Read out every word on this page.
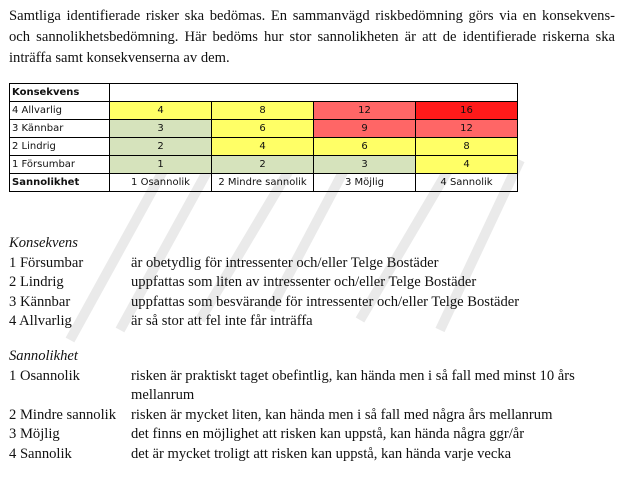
Samtliga identifierade risker ska bedömas. En sammanvägd riskbedömning görs via en konsekvens- och sannolikhetsbedömning. Här bedöms hur stor sannolikheten är att de identifierade riskerna ska inträffa samt konsekvenserna av dem.
Konsekvens				
4 Allvarlig	4	8	12	16
3 Kännbar	3	6	9	12
2 Lindrig	2	4	6	8
1 Försumbar	1	2	3	4
Sannolikhet	1 Osannolik	2 Mindre sannolik	3 Möjlig	4 Sannolik
Konsekvens
1 Försumbar	är obetydlig för intressenter och/eller Telge Bostäder
2 Lindrig	uppfattas som liten av intressenter och/eller Telge Bostäder
3 Kännbar	uppfattas som besvärande för intressenter och/eller Telge Bostäder
4 Allvarlig	är så stor att fel inte får inträffa
Sannolikhet
1 Osannolik	risken är praktiskt taget obefintlig, kan hända men i så fall med minst 10 års mellanrum
2 Mindre sannolik	risken är mycket liten, kan hända men i så fall med några års mellanrum
3 Möjlig	det finns en möjlighet att risken kan uppstå, kan hända några ggr/år
4 Sannolik	det är mycket troligt att risken kan uppstå, kan hända varje vecka
